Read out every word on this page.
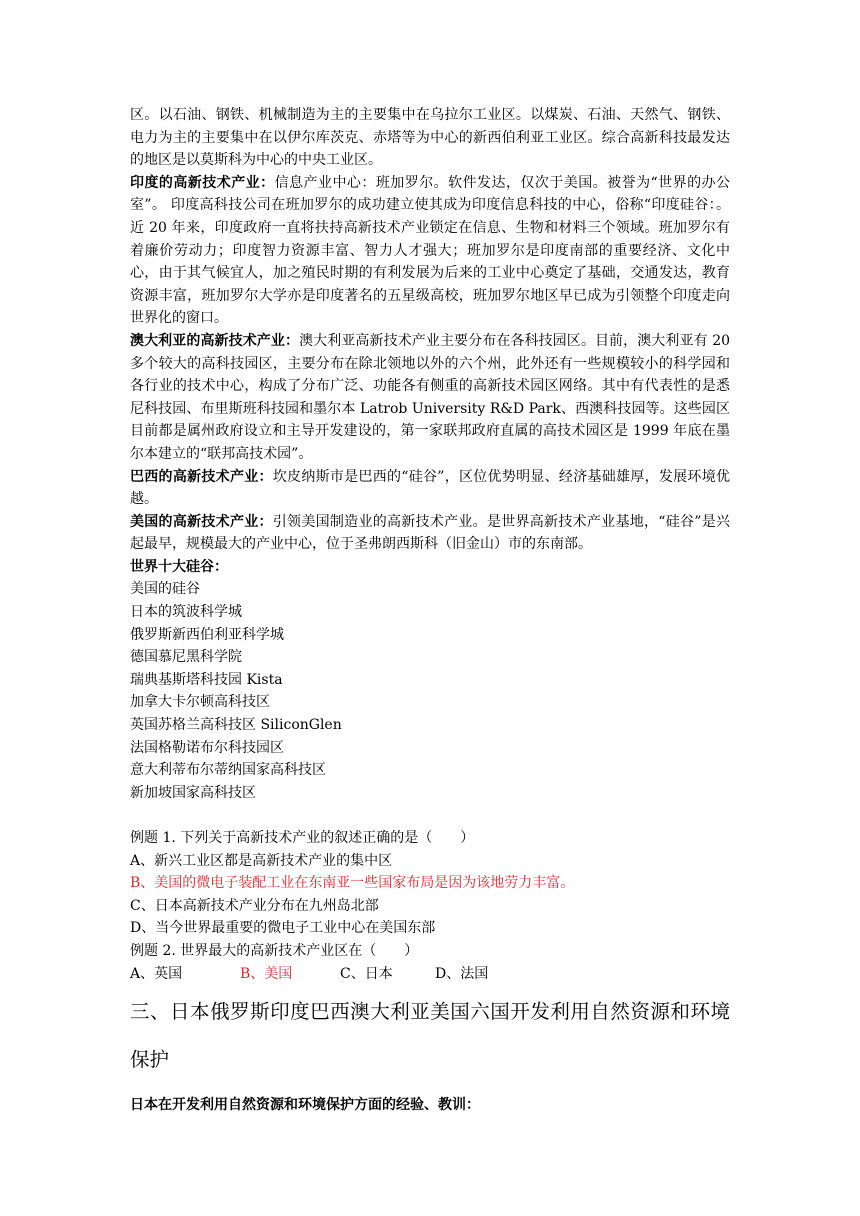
区。以石油、钢铁、机械制造为主的主要集中在乌拉尔工业区。以煤炭、石油、天然气、钢铁、电力为主的主要集中在以伊尔库茨克、赤塔等为中心的新西伯利亚工业区。综合高新科技最发达的地区是以莫斯科为中心的中央工业区。

印度的高新技术产业：信息产业中心：班加罗尔。软件发达，仅次于美国。被誉为“世界的办公室”。 印度高科技公司在班加罗尔的成功建立使其成为印度信息科技的中心，俗称“印度硅谷：。 近 20 年来，印度政府一直将扶持高新技术产业锁定在信息、生物和材料三个领域。班加罗尔有着廉价劳动力；印度智力资源丰富、智力人才强大；班加罗尔是印度南部的重要经济、文化中心，由于其气候宜人，加之殖民时期的有利发展为后来的工业中心奠定了基础，交通发达，教育资源丰富，班加罗尔大学亦是印度著名的五星级高校，班加罗尔地区早已成为引领整个印度走向世界化的窗口。

澳大利亚的高新技术产业：澳大利亚高新技术产业主要分布在各科技园区。目前，澳大利亚有 20 多个较大的高科技园区，主要分布在除北领地以外的六个州，此外还有一些规模较小的科学园和各行业的技术中心，构成了分布广泛、功能各有侧重的高新技术园区网络。其中有代表性的是悉尼科技园、布里斯班科技园和墨尔本 Latrob University R&D Park、西澳科技园等。这些园区目前都是属州政府设立和主导开发建设的，第一家联邦政府直属的高技术园区是 1999 年底在墨尔本建立的“联邦高技术园”。

巴西的高新技术产业：坎皮纳斯市是巴西的“硅谷”，区位优势明显、经济基础雄厚，发展环境优越。

美国的高新技术产业：引领美国制造业的高新技术产业。是世界高新技术产业基地，“硅谷”是兴起最早，规模最大的产业中心，位于圣弗朗西斯科（旧金山）市的东南部。

世界十大硅谷：

美国的硅谷

日本的筑波科学城

俄罗斯新西伯利亚科学城

德国慕尼黑科学院

瑞典基斯塔科技园 Kista

加拿大卡尔顿高科技区

英国苏格兰高科技区 SiliconGlen

法国格勒诺布尔科技园区

意大利蒂布尔蒂纳国家高科技区

新加坡国家高科技区

例题 1. 下列关于高新技术产业的叙述正确的是（　　）

A、新兴工业区都是高新技术产业的集中区

B、美国的微电子装配工业在东南亚一些国家布局是因为该地劳力丰富。

C、日本高新技术产业分布在九州岛北部

D、当今世界最重要的微电子工业中心在美国东部

例题 2. 世界最大的高新技术产业区在（　　）

A、英国	B、美国	C、日本	D、法国

三、日本俄罗斯印度巴西澳大利亚美国六国开发利用自然资源和环境保护

日本在开发利用自然资源和环境保护方面的经验、教训：
